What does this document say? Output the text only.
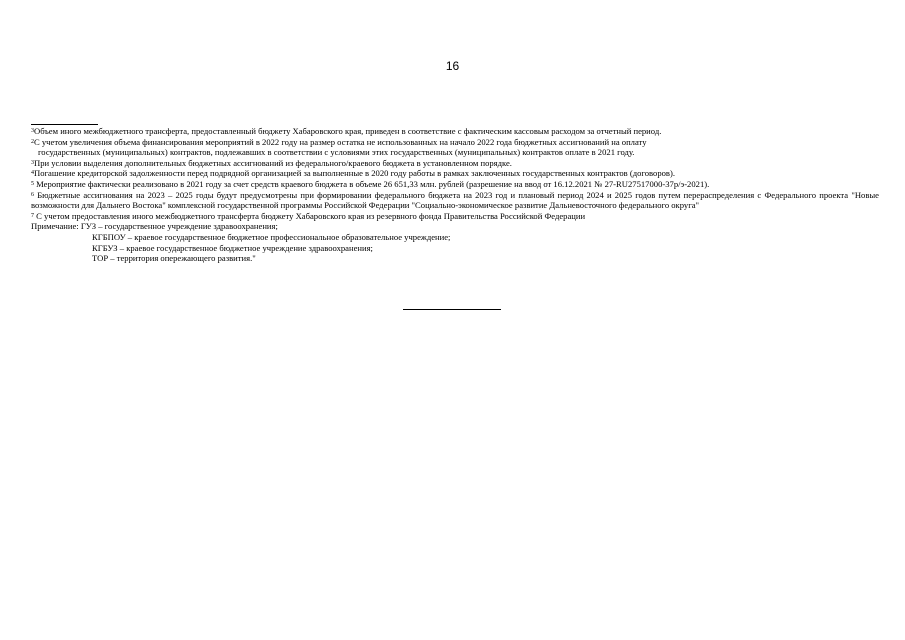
16

$^3$Объем иного межбюджетного трансферта, предоставленный бюджету Хабаровского края, приведен в соответствие с фактическим кассовым расходом за отчетный период.

$^2$С учетом увеличения объема финансирования мероприятий в 2022 году на размер остатка не использованных на начало 2022 года бюджетных ассигнований на оплату
государственных (муниципальных) контрактов, подлежавших в соответствии с условиями этих государственных (муниципальных) контрактов оплате в 2021 году.

$^3$При условии выделения дополнительных бюджетных ассигнований из федерального/краевого бюджета в установленном порядке.

$^4$Погашение кредиторской задолженности перед подрядной организацией за выполненные в 2020 году работы в рамках заключенных государственных контрактов (договоров).

$^5$ Мероприятие фактически реализовано в 2021 году за счет средств краевого бюджета в объеме 26 651,33 млн. рублей (разрешение на ввод от 16.12.2021 № 27-RU27517000-37р/э-2021).

$^6$ Бюджетные ассигнования на 2023 – 2025 годы будут предусмотрены при формировании федерального бюджета на 2023 год и плановый период 2024 и 2025 годов путем перераспределения с Федерального проекта "Новые возможности для Дальнего Востока" комплексной государственной программы Российской Федерации "Социально-экономическое развитие Дальневосточного федерального округа"

$^7$ С учетом предоставления иного межбюджетного трансферта бюджету Хабаровского края из резервного фонда Правительства Российской Федерации

Примечание: ГУЗ – государственное учреждение здравоохранения;

КГБПОУ – краевое государственное бюджетное профессиональное образовательное учреждение;

КГБУЗ – краевое государственное бюджетное учреждение здравоохранения;

ТОР – территория опережающего развития."
